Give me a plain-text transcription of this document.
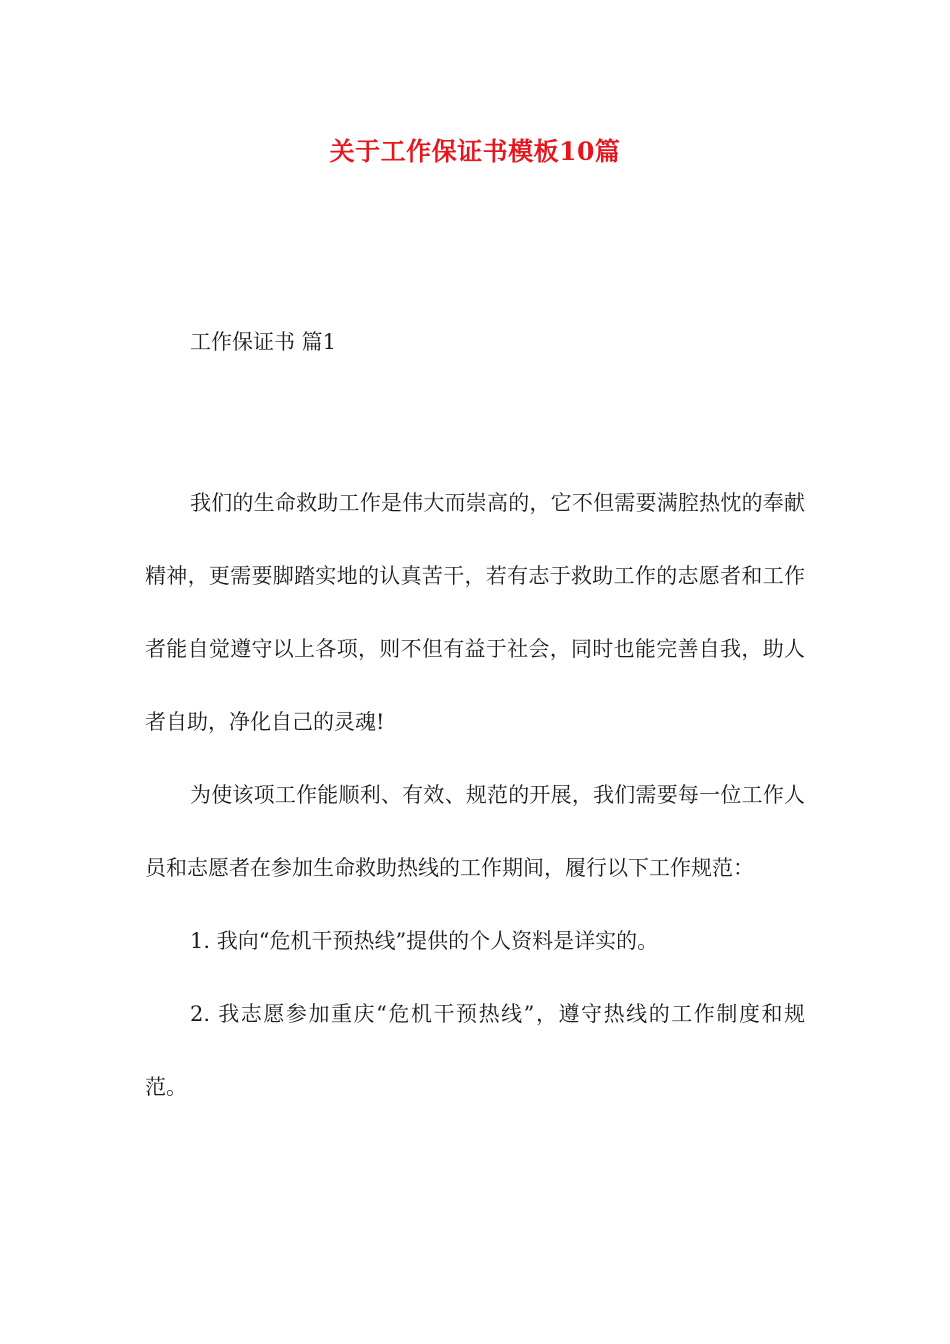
关于工作保证书模板10篇
工作保证书 篇1

我们的生命救助工作是伟大而崇高的，它不但需要满腔热忱的奉献精神，更需要脚踏实地的认真苦干，若有志于救助工作的志愿者和工作者能自觉遵守以上各项，则不但有益于社会，同时也能完善自我，助人者自助，净化自己的灵魂!

为使该项工作能顺利、有效、规范的开展，我们需要每一位工作人员和志愿者在参加生命救助热线的工作期间，履行以下工作规范：

1. 我向“危机干预热线”提供的个人资料是详实的。

2. 我志愿参加重庆“危机干预热线”，遵守热线的工作制度和规范。
